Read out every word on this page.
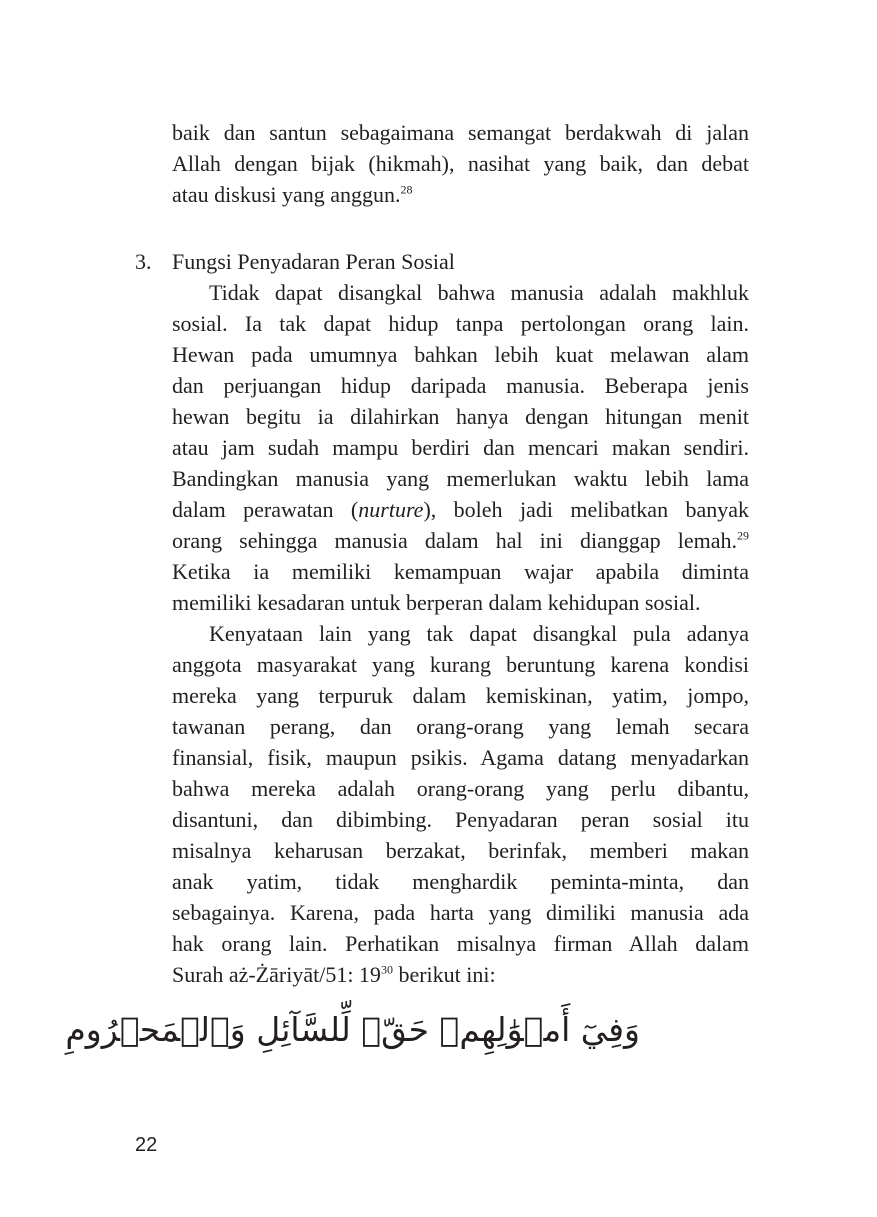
baik dan santun sebagaimana semangat berdakwah di jalan
Allah dengan bijak (hikmah), nasihat yang baik, dan debat
atau diskusi yang anggun.$^{28}$
3. Fungsi Penyadaran Peran Sosial
Tidak dapat disangkal bahwa manusia adalah makhluk
sosial. Ia tak dapat hidup tanpa pertolongan orang lain.
Hewan pada umumnya bahkan lebih kuat melawan alam
dan perjuangan hidup daripada manusia. Beberapa jenis
hewan begitu ia dilahirkan hanya dengan hitungan menit
atau jam sudah mampu berdiri dan mencari makan sendiri.
Bandingkan manusia yang memerlukan waktu lebih lama
dalam perawatan (nurture), boleh jadi melibatkan banyak
orang sehingga manusia dalam hal ini dianggap lemah.$^{29}$
Ketika ia memiliki kemampuan wajar apabila diminta
memiliki kesadaran untuk berperan dalam kehidupan sosial.
Kenyataan lain yang tak dapat disangkal pula adanya
anggota masyarakat yang kurang beruntung karena kondisi
mereka yang terpuruk dalam kemiskinan, yatim, jompo,
tawanan perang, dan orang-orang yang lemah secara
finansial, fisik, maupun psikis. Agama datang menyadarkan
bahwa mereka adalah orang-orang yang perlu dibantu,
disantuni, dan dibimbing. Penyadaran peran sosial itu
misalnya keharusan berzakat, berinfak, memberi makan
anak yatim, tidak menghardik peminta-minta, dan
sebagainya. Karena, pada harta yang dimiliki manusia ada
hak orang lain. Perhatikan misalnya firman Allah dalam
Surah aż-Żāriyāt/51: $19^{30}$ berikut ini:
وَفِيٓ أَمۡوَٰلِهِمۡ حَقّٞ لِّلسَّآئِلِ وَٱلۡمَحۡرُومِ
22
